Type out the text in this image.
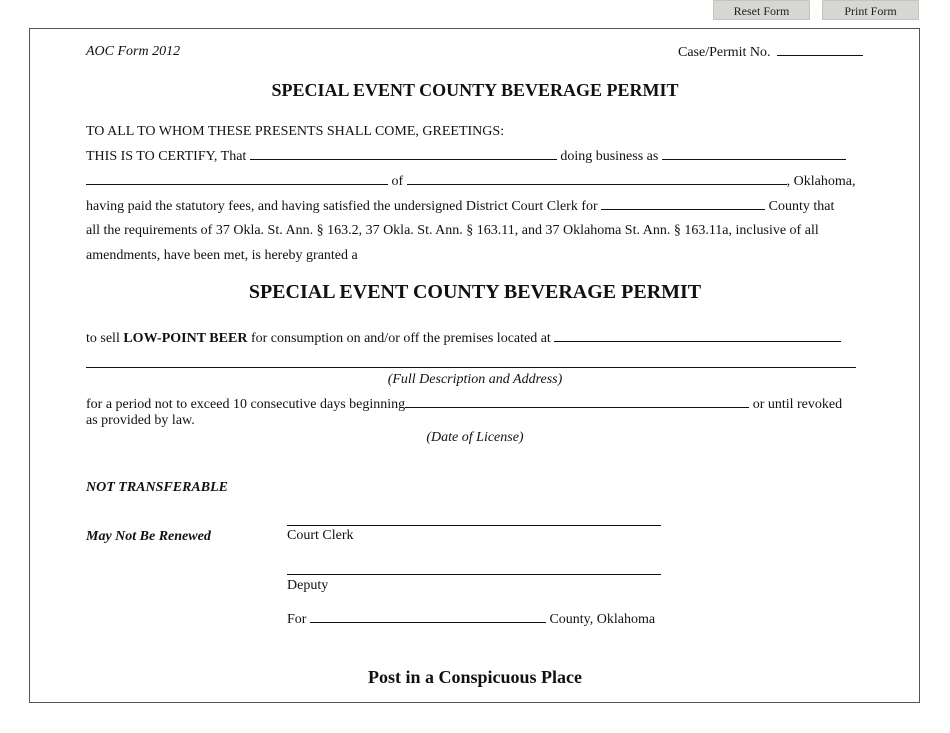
Reset Form	Print Form
AOC Form 2012	Case/Permit No.
SPECIAL EVENT COUNTY BEVERAGE PERMIT
TO ALL TO WHOM THESE PRESENTS SHALL COME, GREETINGS:
THIS IS TO CERTIFY, That	doing business as
of	, Oklahoma,
having paid the statutory fees, and having satisfied the undersigned District Court Clerk for	County that
all the requirements of 37 Okla. St. Ann. § 163.2, 37 Okla. St. Ann. § 163.11, and 37 Oklahoma St. Ann. § 163.11a, inclusive of all
amendments, have been met, is hereby granted a
SPECIAL EVENT COUNTY BEVERAGE PERMIT
to sell LOW-POINT BEER for consumption on and/or off the premises located at
(Full Description and Address)
for a period not to exceed 10 consecutive days beginning	or until revoked
as provided by law.
(Date of License)
NOT TRANSFERABLE
May Not Be Renewed	Court Clerk
Deputy
For	County, Oklahoma
Post in a Conspicuous Place
